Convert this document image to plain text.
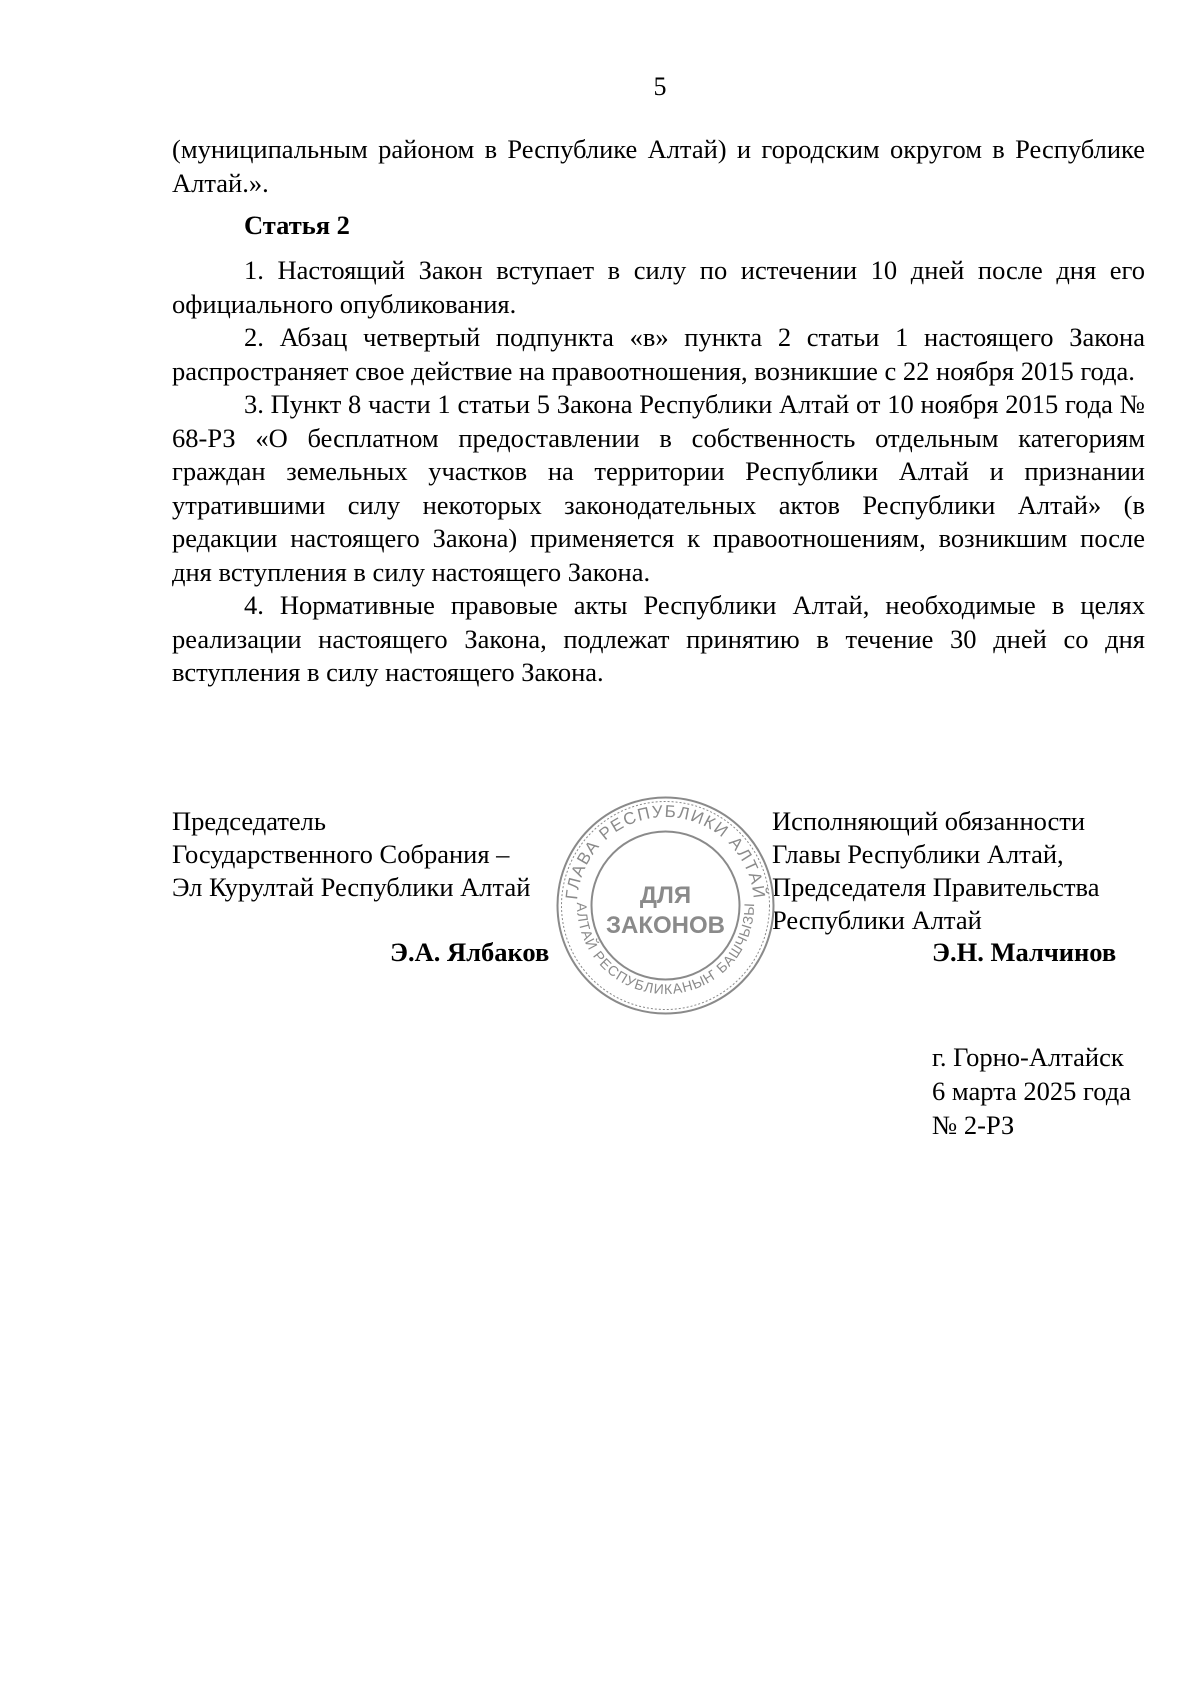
5

(муниципальным районом в Республике Алтай) и городским округом в Республике Алтай.».

Статья 2

1. Настоящий Закон вступает в силу по истечении 10 дней после дня его официального опубликования.

2. Абзац четвертый подпункта «в» пункта 2 статьи 1 настоящего Закона распространяет свое действие на правоотношения, возникшие с 22 ноября 2015 года.

3. Пункт 8 части 1 статьи 5 Закона Республики Алтай от 10 ноября 2015 года № 68-РЗ «О бесплатном предоставлении в собственность отдельным категориям граждан земельных участков на территории Республики Алтай и признании утратившими силу некоторых законодательных актов Республики Алтай» (в редакции настоящего Закона) применяется к правоотношениям, возникшим после дня вступления в силу настоящего Закона.

4. Нормативные правовые акты Республики Алтай, необходимые в целях реализации настоящего Закона, подлежат принятию в течение 30 дней со дня вступления в силу настоящего Закона.

Председатель
Государственного Собрания –
Эл Курултай Республики Алтай
Э.А. Ялбаков
Исполняющий обязанности
Главы Республики Алтай,
Председателя Правительства
Республики Алтай
Э.Н. Малчинов
ГЛАВА РЕСПУБЛИКИ АЛТАЙ
АЛТАЙ РЕСПУБЛИКАНЫҤ БАШЧЫЗЫ
ДЛЯ
ЗАКОНОВ
г. Горно-Алтайск
6 марта 2025 года
№ 2-РЗ
